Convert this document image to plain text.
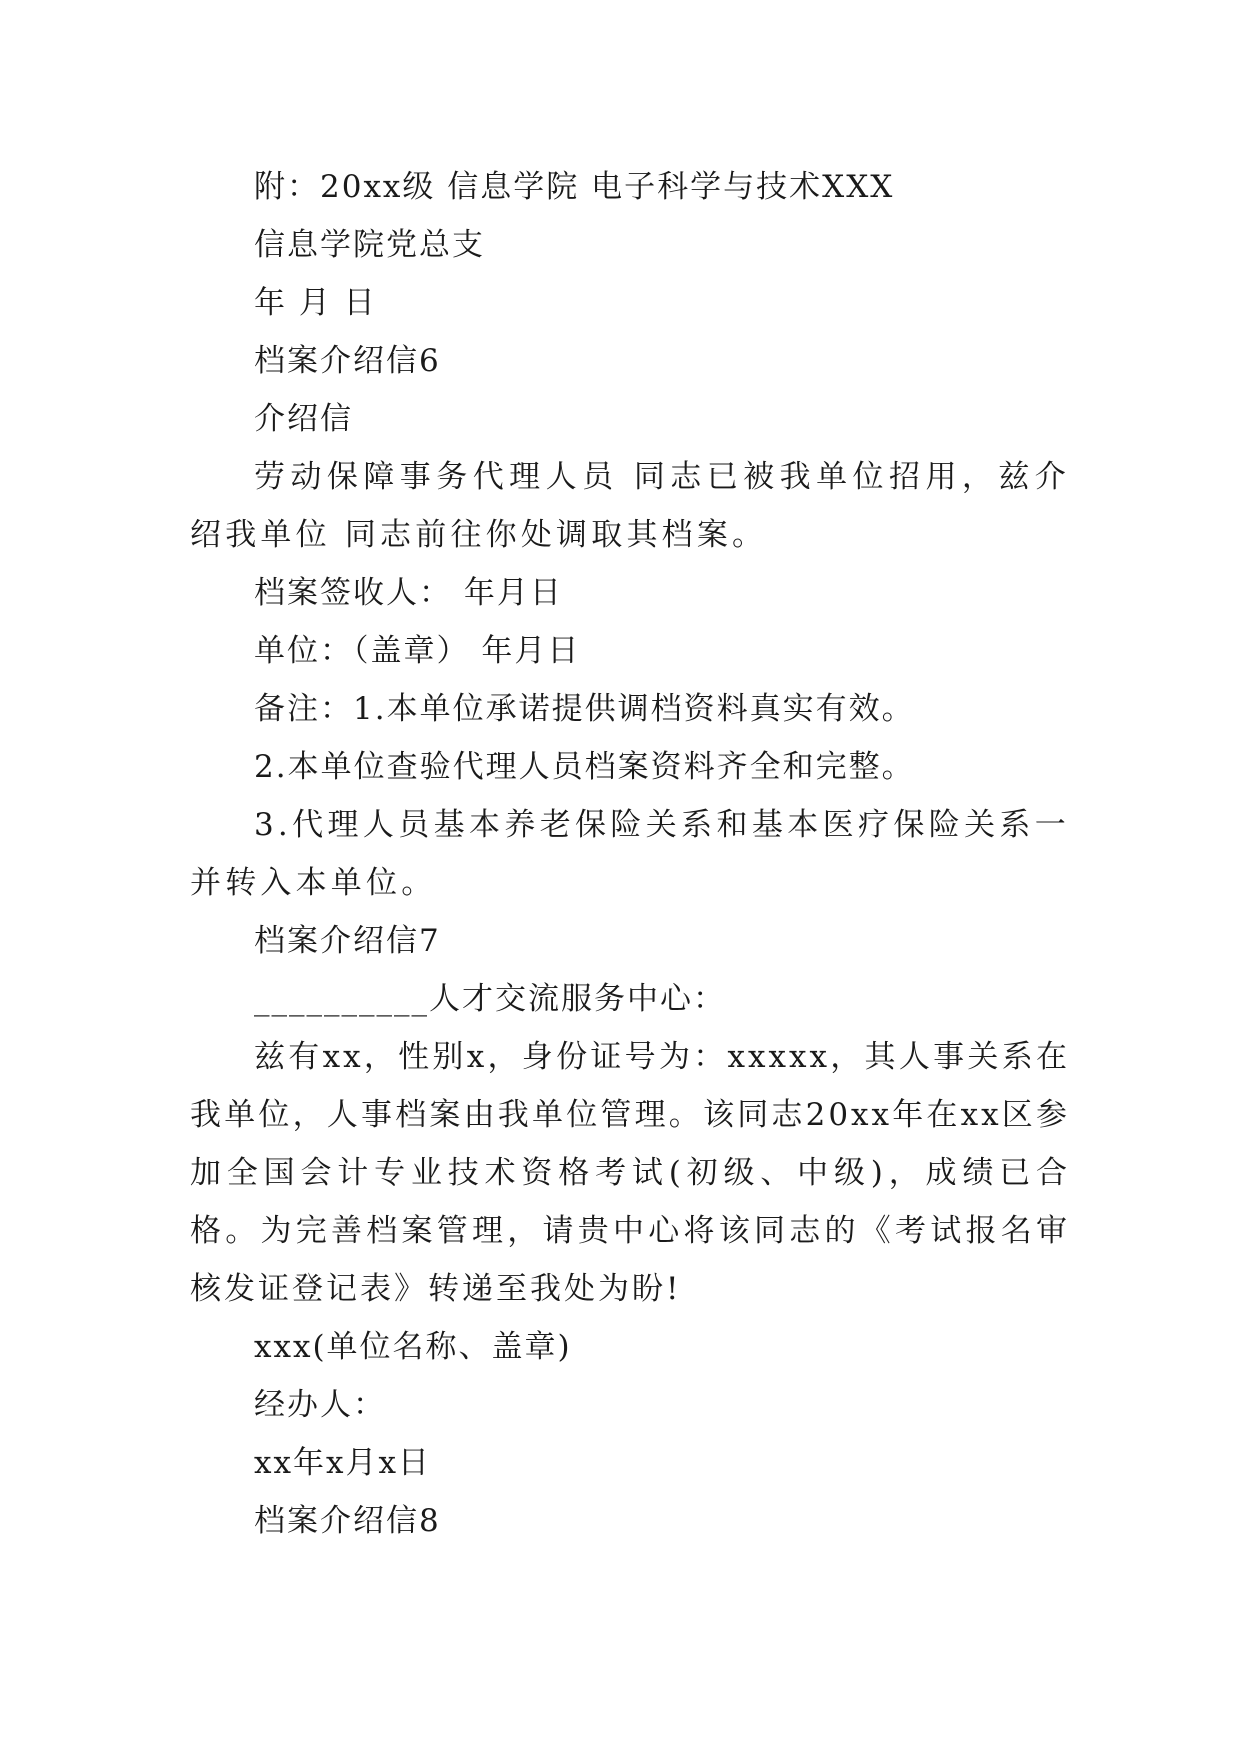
附：20xx级 信息学院 电子科学与技术XXX
信息学院党总支
年 月 日
档案介绍信6
介绍信
劳动保障事务代理人员 同志已被我单位招用，兹介绍我单位 同志前往你处调取其档案。
档案签收人： 年月日
单位：（盖章） 年月日
备注：1.本单位承诺提供调档资料真实有效。
2.本单位查验代理人员档案资料齐全和完整。
3.代理人员基本养老保险关系和基本医疗保险关系一并转入本单位。
档案介绍信7
__________人才交流服务中心：
兹有xx，性别x，身份证号为：xxxxx，其人事关系在我单位，人事档案由我单位管理。该同志20xx年在xx区参加全国会计专业技术资格考试(初级、中级)，成绩已合格。为完善档案管理，请贵中心将该同志的《考试报名审核发证登记表》转递至我处为盼!
xxx(单位名称、盖章)
经办人：
xx年x月x日
档案介绍信8
